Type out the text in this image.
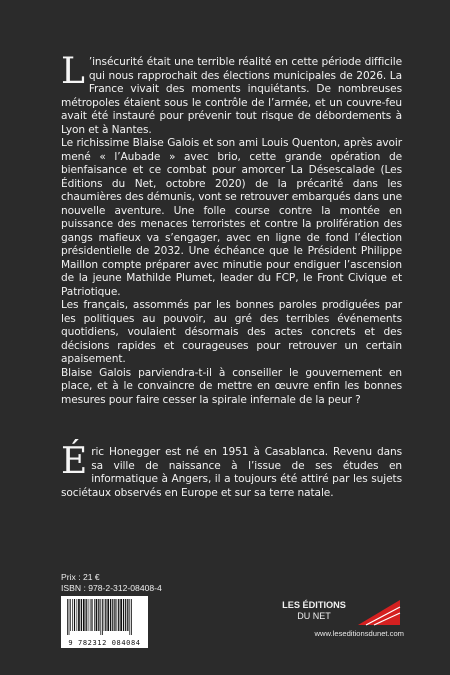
L ’insécurité était une terrible réalité en cette période difficile qui nous rapprochait des élections municipales de 2026. La France vivait des moments inquiétants. De nombreuses métropoles étaient sous le contrôle de l’armée, et un couvre-feu avait été instauré pour prévenir tout risque de débordements à Lyon et à Nantes.

Le richissime Blaise Galois et son ami Louis Quenton, après avoir mené « l’Aubade » avec brio, cette grande opération de bienfaisance et ce combat pour amorcer La Désescalade (Les Éditions du Net, octobre 2020) de la précarité dans les chaumières des démunis, vont se retrouver embarqués dans une nouvelle aventure. Une folle course contre la montée en puissance des menaces terroristes et contre la prolifération des gangs mafieux va s’engager, avec en ligne de fond l’élection présidentielle de 2032. Une échéance que le Président Philippe Maillon compte préparer avec minutie pour endiguer l’ascension de la jeune Mathilde Plumet, leader du FCP, le Front Civique et Patriotique.

Les français, assommés par les bonnes paroles prodiguées par les politiques au pouvoir, au gré des terribles événements quotidiens, voulaient désormais des actes concrets et des décisions rapides et courageuses pour retrouver un certain apaisement.

Blaise Galois parviendra-t-il à conseiller le gouvernement en place, et à le convaincre de mettre en œuvre enfin les bonnes mesures pour faire cesser la spirale infernale de la peur ?

É ric Honegger est né en 1951 à Casablanca. Revenu dans sa ville de naissance à l’issue de ses études en informatique à Angers, il a toujours été attiré par les sujets sociétaux observés en Europe et sur sa terre natale.

Prix : 21 €
ISBN : 978-2-312-08408-4
9 782312 084084
LES ÉDITIONS
DU NET
www.leseditionsdunet.com
